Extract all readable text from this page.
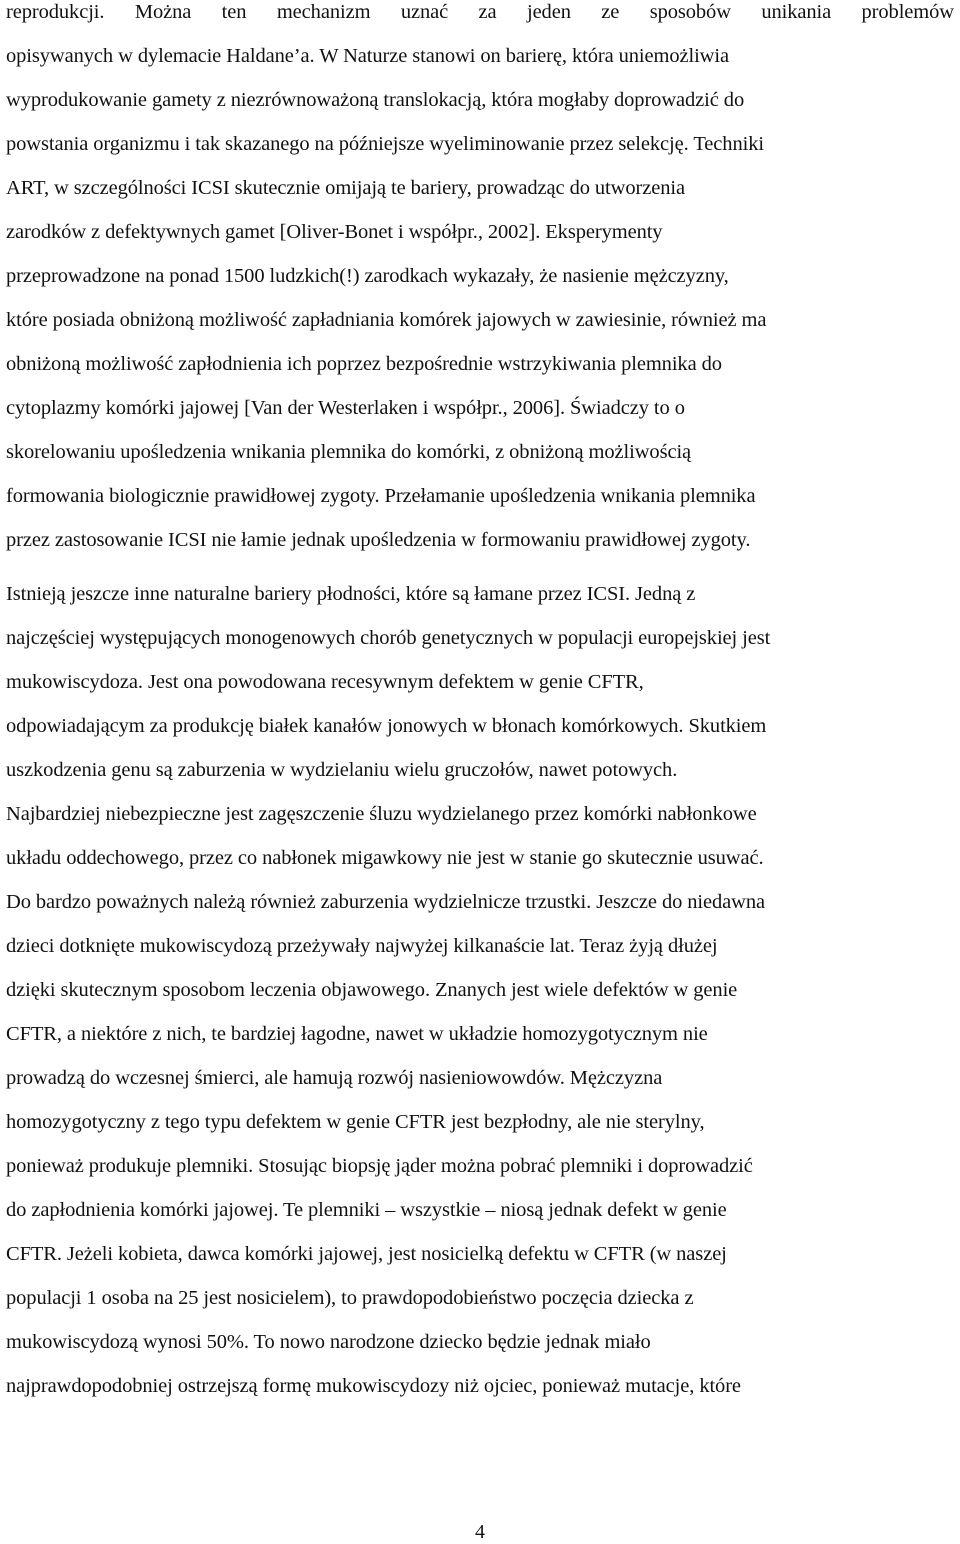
reprodukcji. Można ten mechanizm uznać za jeden ze sposobów unikania problemów
opisywanych w dylemacie Haldane’a. W Naturze stanowi on barierę, która uniemożliwia
wyprodukowanie gamety z niezrównoważoną translokacją, która mogłaby doprowadzić do
powstania organizmu i tak skazanego na późniejsze wyeliminowanie przez selekcję. Techniki
ART, w szczególności ICSI skutecznie omijają te bariery, prowadząc do utworzenia
zarodków z defektywnych gamet [Oliver-Bonet i współpr., 2002]. Eksperymenty
przeprowadzone na ponad 1500 ludzkich(!) zarodkach wykazały, że nasienie mężczyzny,
które posiada obniżoną możliwość zapładniania komórek jajowych w zawiesinie, również ma
obniżoną możliwość zapłodnienia ich poprzez bezpośrednie wstrzykiwania plemnika do
cytoplazmy komórki jajowej [Van der Westerlaken i współpr., 2006]. Świadczy to o
skorelowaniu upośledzenia wnikania plemnika do komórki, z obniżoną możliwością
formowania biologicznie prawidłowej zygoty. Przełamanie upośledzenia wnikania plemnika
przez zastosowanie ICSI nie łamie jednak upośledzenia w formowaniu prawidłowej zygoty.
Istnieją jeszcze inne naturalne bariery płodności, które są łamane przez ICSI. Jedną z
najczęściej występujących monogenowych chorób genetycznych w populacji europejskiej jest
mukowiscydoza. Jest ona powodowana recesywnym defektem w genie CFTR,
odpowiadającym za produkcję białek kanałów jonowych w błonach komórkowych. Skutkiem
uszkodzenia genu są zaburzenia w wydzielaniu wielu gruczołów, nawet potowych.
Najbardziej niebezpieczne jest zagęszczenie śluzu wydzielanego przez komórki nabłonkowe
układu oddechowego, przez co nabłonek migawkowy nie jest w stanie go skutecznie usuwać.
Do bardzo poważnych należą również zaburzenia wydzielnicze trzustki. Jeszcze do niedawna
dzieci dotknięte mukowiscydozą przeżywały najwyżej kilkanaście lat. Teraz żyją dłużej
dzięki skutecznym sposobom leczenia objawowego. Znanych jest wiele defektów w genie
CFTR, a niektóre z nich, te bardziej łagodne, nawet w układzie homozygotycznym nie
prowadzą do wczesnej śmierci, ale hamują rozwój nasieniowowdów. Mężczyzna
homozygotyczny z tego typu defektem w genie CFTR jest bezpłodny, ale nie sterylny,
ponieważ produkuje plemniki. Stosując biopsję jąder można pobrać plemniki i doprowadzić
do zapłodnienia komórki jajowej. Te plemniki – wszystkie – niosą jednak defekt w genie
CFTR. Jeżeli kobieta, dawca komórki jajowej, jest nosicielką defektu w CFTR (w naszej
populacji 1 osoba na 25 jest nosicielem), to prawdopodobieństwo poczęcia dziecka z
mukowiscydozą wynosi 50%. To nowo narodzone dziecko będzie jednak miało
najprawdopodobniej ostrzejszą formę mukowiscydozy niż ojciec, ponieważ mutacje, które
4
